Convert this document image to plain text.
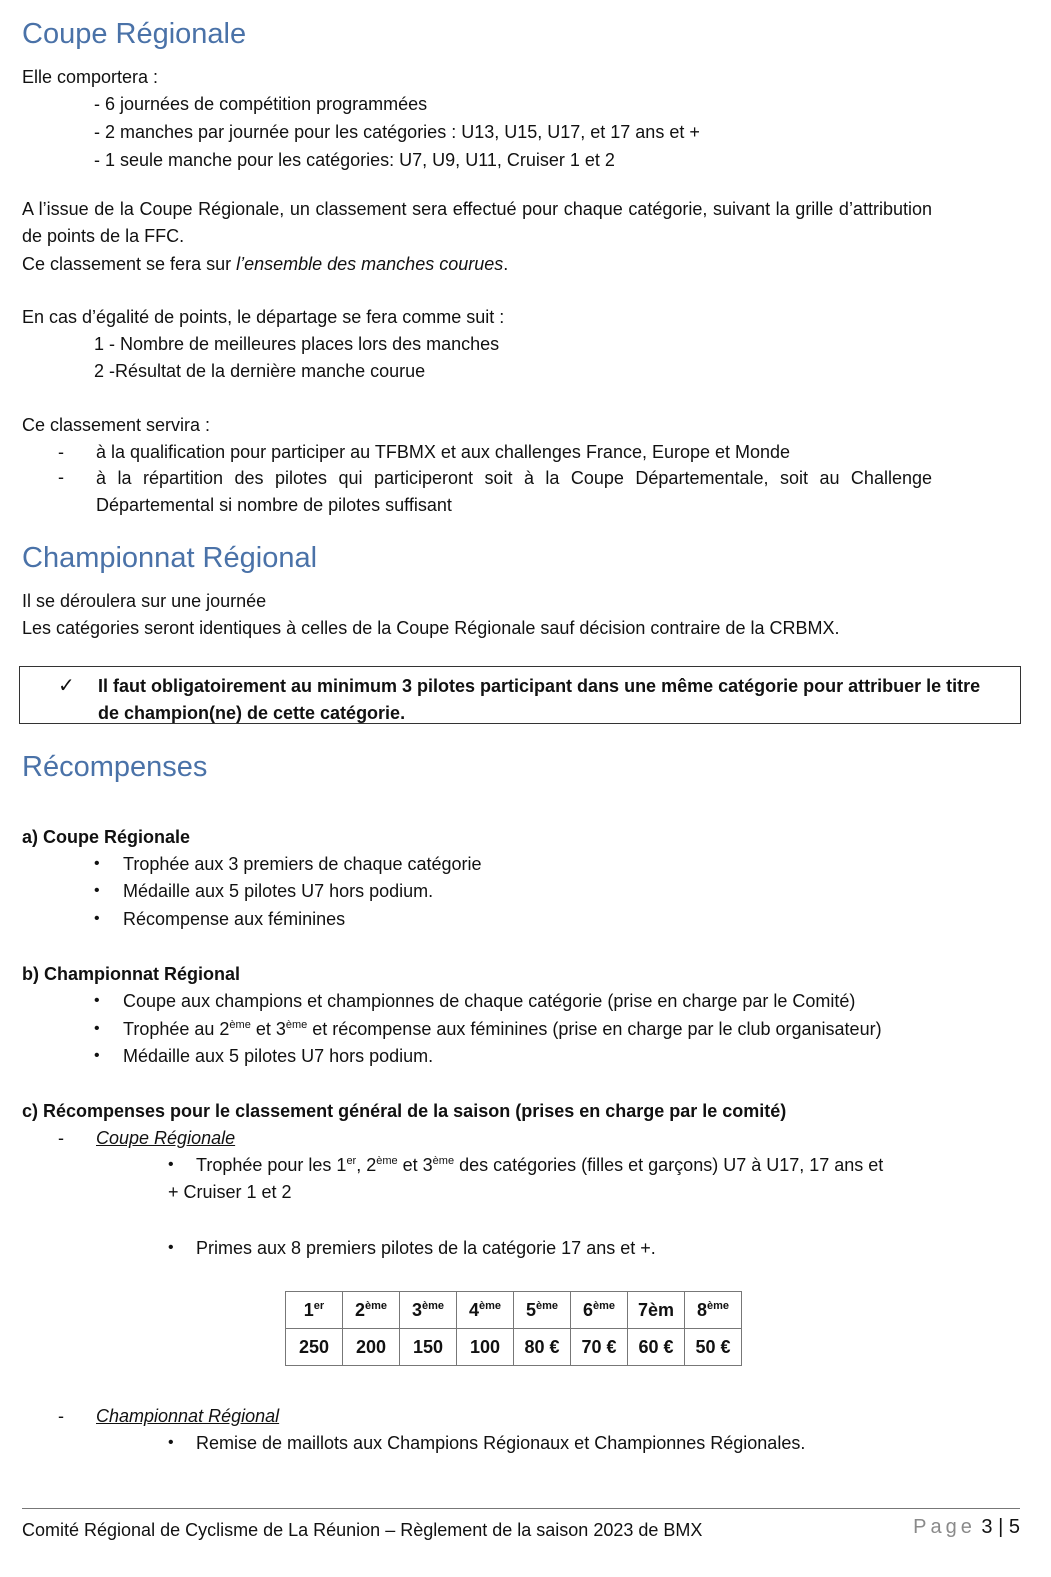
Coupe Régionale
Elle comportera :
- 6 journées de compétition programmées
- 2 manches par journée pour les catégories : U13, U15, U17, et 17 ans et +
- 1 seule manche pour les catégories: U7, U9, U11, Cruiser 1 et 2
A l’issue de la Coupe Régionale, un classement sera effectué pour chaque catégorie, suivant la grille d’attribution de points de la FFC.
Ce classement se fera sur l’ensemble des manches courues.
En cas d’égalité de points, le départage se fera comme suit :
1 - Nombre de meilleures places lors des manches
2 -Résultat de la dernière manche courue
Ce classement servira :
- à la qualification pour participer au TFBMX et aux challenges France, Europe et Monde
- à la répartition des pilotes qui participeront soit à la Coupe Départementale, soit au Challenge Départemental si nombre de pilotes suffisant
Championnat Régional
Il se déroulera sur une journée
Les catégories seront identiques à celles de la Coupe Régionale sauf décision contraire de la CRBMX.
✓ Il faut obligatoirement au minimum 3 pilotes participant dans une même catégorie pour attribuer le titre de champion(ne) de cette catégorie.
Récompenses
a) Coupe Régionale
• Trophée aux 3 premiers de chaque catégorie
• Médaille aux 5 pilotes U7 hors podium.
• Récompense aux féminines
b) Championnat Régional
• Coupe aux champions et championnes de chaque catégorie (prise en charge par le Comité)
• Trophée au 2ème et 3ème et récompense aux féminines (prise en charge par le club organisateur)
• Médaille aux 5 pilotes U7 hors podium.
c) Récompenses pour le classement général de la saison (prises en charge par le comité)
- Coupe Régionale
• Trophée pour les 1er, 2ème et 3ème des catégories (filles et garçons) U7 à U17, 17 ans et
+ Cruiser 1 et 2
• Primes aux 8 premiers pilotes de la catégorie 17 ans et +.
1er	2ème	3ème	4ème	5ème	6ème	7èm	8ème
250	200	150	100	80 €	70 €	60 €	50 €
- Championnat Régional
• Remise de maillots aux Champions Régionaux et Championnes Régionales.
Comité Régional de Cyclisme de La Réunion – Règlement de la saison 2023 de BMX	Page 3 | 5
